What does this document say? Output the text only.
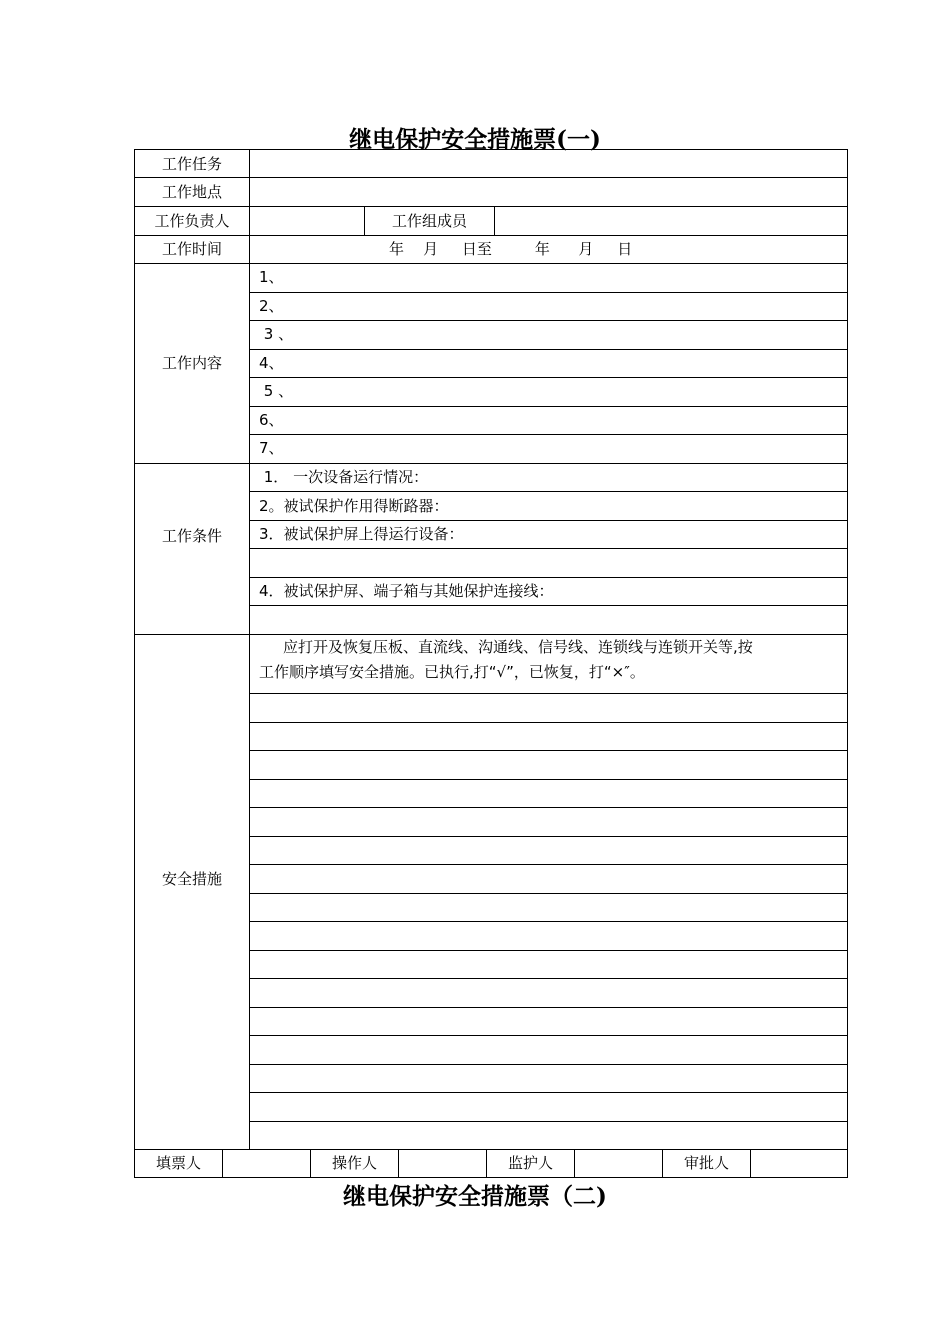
继电保护安全措施票(一)
工作任务
工作地点
工作负责人	工作组成员
工作时间	年    月     日至         年      月     日
工作内容
1、
2、
3 、
4、
5 、
6、
7、
工作条件
1． 一次设备运行情况：
2。被试保护作用得断路器：
3．被试保护屏上得运行设备：
4．被试保护屏、端子箱与其她保护连接线：
安全措施
应打开及恢复压板、直流线、沟通线、信号线、连锁线与连锁开关等,按
工作顺序填写安全措施。已执行,打“√”，已恢复，打“×″。
填票人	操作人	监护人	审批人
继电保护安全措施票（二)
